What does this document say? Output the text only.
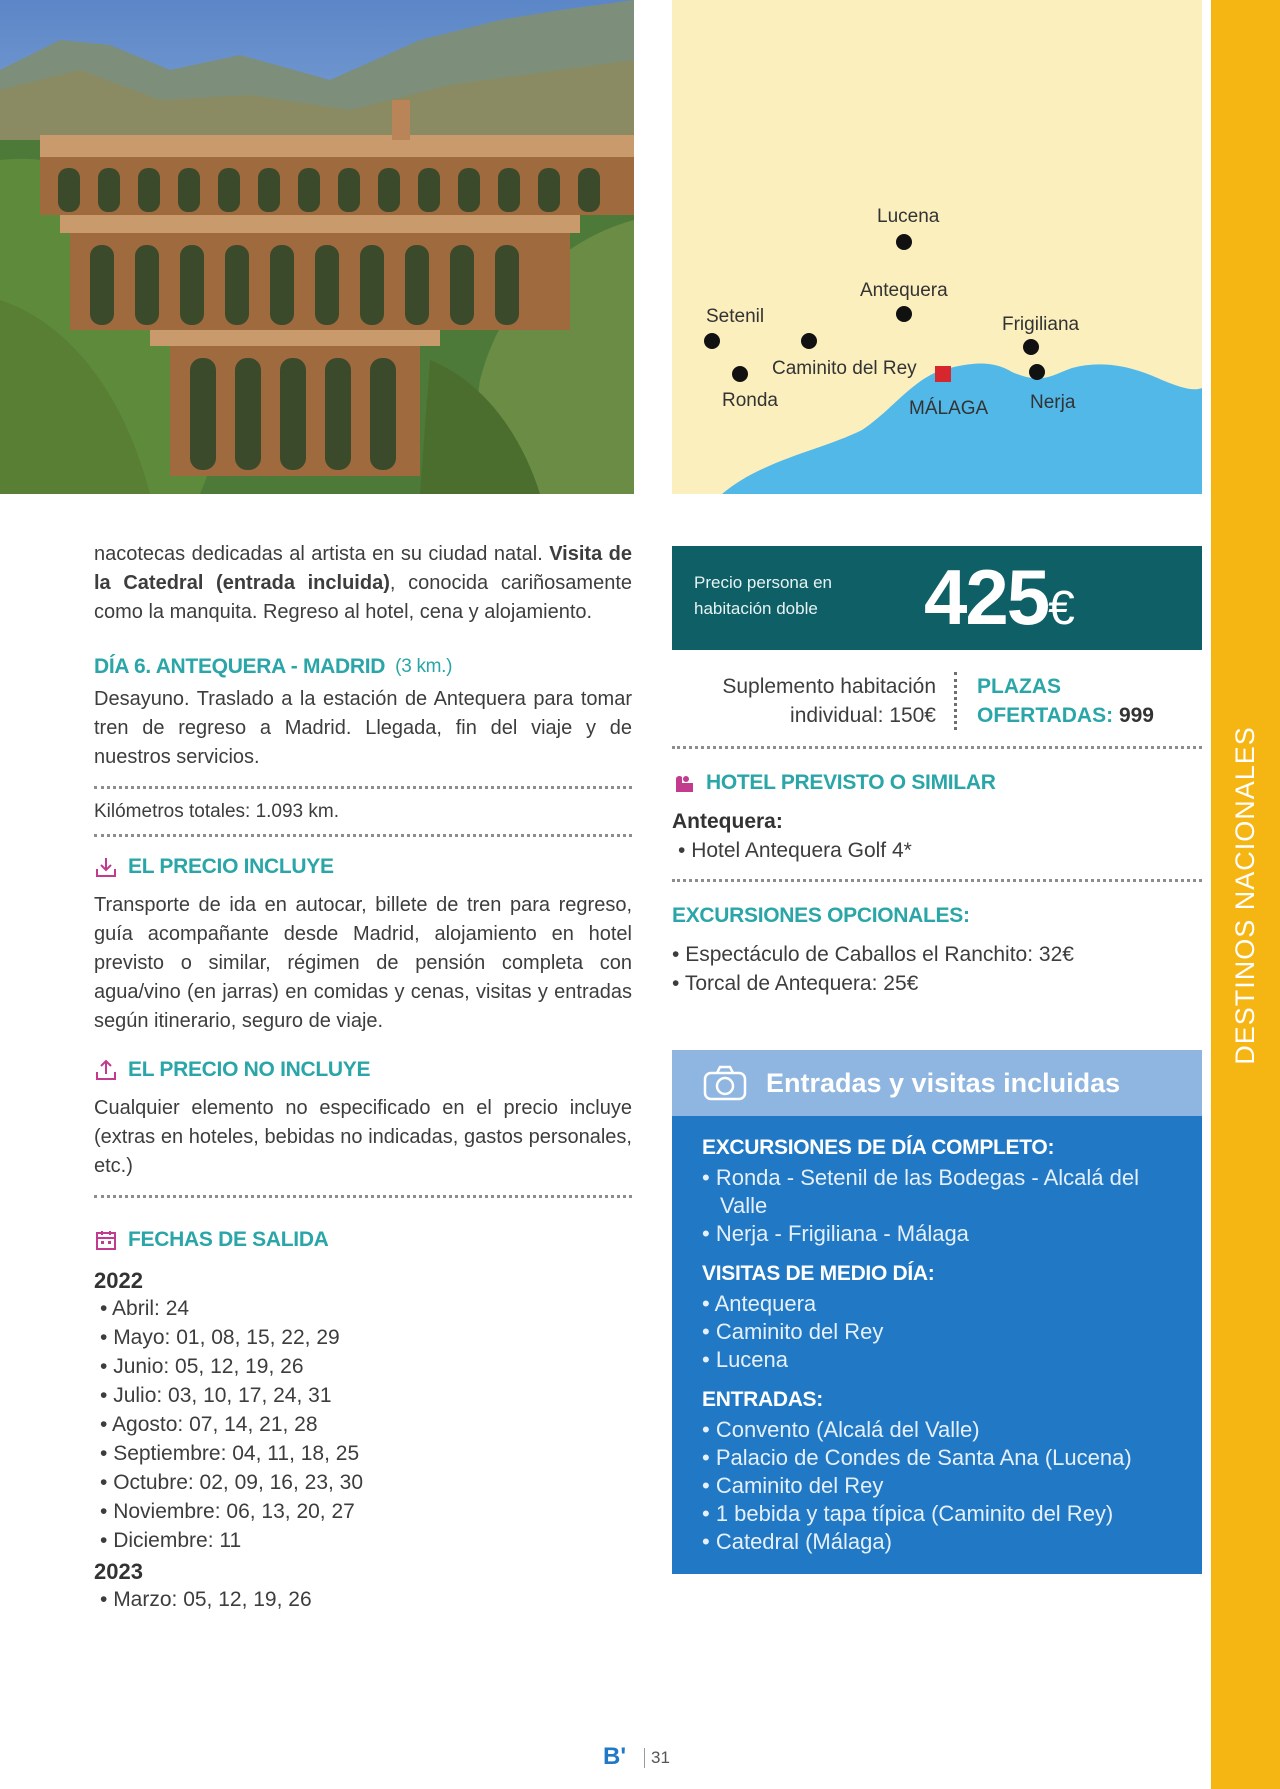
Lucena
Antequera
Setenil	Frigiliana
Caminito del Rey
Ronda	MÁLAGA Nerja
DESTINOS NACIONALES

nacotecas dedicadas al artista en su ciudad natal. Visita de la Catedral (entrada incluida), conocida cariñosamente como la manquita. Regreso al hotel, cena y alojamiento.

DÍA 6. ANTEQUERA - MADRID (3 km.)

Desayuno. Traslado a la estación de Antequera para tomar tren de regreso a Madrid. Llegada, fin del viaje y de nuestros servicios.

Kilómetros totales: 1.093 km.

EL PRECIO INCLUYE

Transporte de ida en autocar, billete de tren para regreso, guía acompañante desde Madrid, alojamiento en hotel previsto o similar, régimen de pensión completa con agua/vino (en jarras) en comidas y cenas, visitas y entradas según itinerario, seguro de viaje.

EL PRECIO NO INCLUYE

Cualquier elemento no especificado en el precio incluye (extras en hoteles, bebidas no indicadas, gastos personales, etc.)

FECHAS DE SALIDA

2022

• Abril: 24
• Mayo: 01, 08, 15, 22, 29
• Junio: 05, 12, 19, 26
• Julio: 03, 10, 17, 24, 31
• Agosto: 07, 14, 21, 28
• Septiembre: 04, 11, 18, 25
• Octubre: 02, 09, 16, 23, 30
• Noviembre: 06, 13, 20, 27
• Diciembre: 11

2023

• Marzo: 05, 12, 19, 26
Precio persona en habitación doble	425€
Suplemento habitación
individual: 150€
PLAZAS
OFERTADAS: 999

HOTEL PREVISTO O SIMILAR

Antequera:

• Hotel Antequera Golf 4*

EXCURSIONES OPCIONALES:

• Espectáculo de Caballos el Ranchito: 32€
• Torcal de Antequera: 25€
Entradas y visitas incluidas

EXCURSIONES DE DÍA COMPLETO:

• Ronda - Setenil de las Bodegas - Alcalá del Valle
• Nerja - Frigiliana - Málaga

VISITAS DE MEDIO DÍA:

• Antequera
• Caminito del Rey
• Lucena

ENTRADAS:

• Convento (Alcalá del Valle)
• Palacio de Condes de Santa Ana (Lucena)
• Caminito del Rey
• 1 bebida y tapa típica (Caminito del Rey)
• Catedral (Málaga)
B'	31
